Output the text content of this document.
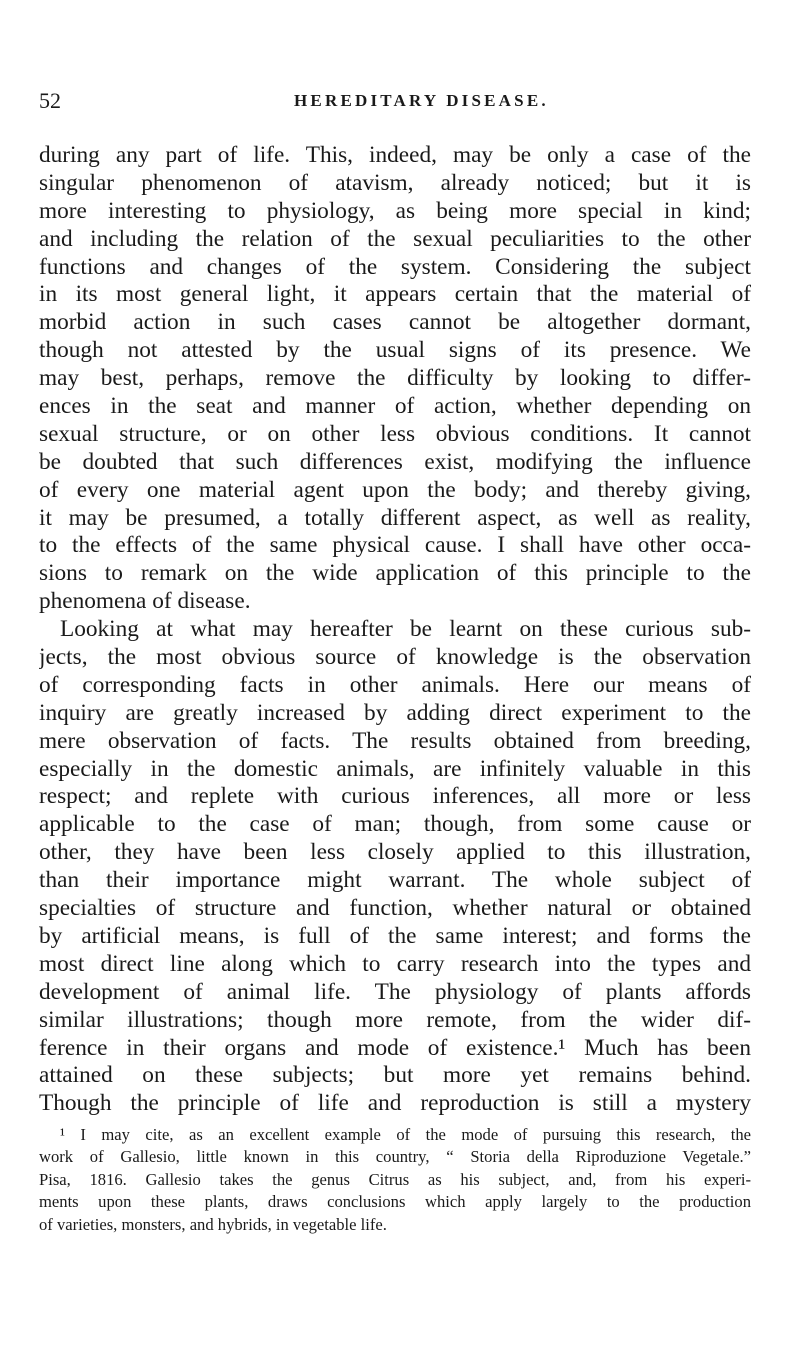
52	HEREDITARY DISEASE.
during any part of life. This, indeed, may be only a case of the
singular phenomenon of atavism, already noticed; but it is
more interesting to physiology, as being more special in kind;
and including the relation of the sexual peculiarities to the other
functions and changes of the system. Considering the subject
in its most general light, it appears certain that the material of
morbid action in such cases cannot be altogether dormant,
though not attested by the usual signs of its presence. We
may best, perhaps, remove the difficulty by looking to differ-
ences in the seat and manner of action, whether depending on
sexual structure, or on other less obvious conditions. It cannot
be doubted that such differences exist, modifying the influence
of every one material agent upon the body; and thereby giving,
it may be presumed, a totally different aspect, as well as reality,
to the effects of the same physical cause. I shall have other occa-
sions to remark on the wide application of this principle to the
phenomena of disease.
Looking at what may hereafter be learnt on these curious sub-
jects, the most obvious source of knowledge is the observation
of corresponding facts in other animals. Here our means of
inquiry are greatly increased by adding direct experiment to the
mere observation of facts. The results obtained from breeding,
especially in the domestic animals, are infinitely valuable in this
respect; and replete with curious inferences, all more or less
applicable to the case of man; though, from some cause or
other, they have been less closely applied to this illustration,
than their importance might warrant. The whole subject of
specialties of structure and function, whether natural or obtained
by artificial means, is full of the same interest; and forms the
most direct line along which to carry research into the types and
development of animal life. The physiology of plants affords
similar illustrations; though more remote, from the wider dif-
ference in their organs and mode of existence.¹ Much has been
attained on these subjects; but more yet remains behind.
Though the principle of life and reproduction is still a mystery
¹ I may cite, as an excellent example of the mode of pursuing this research, the
work of Gallesio, little known in this country, “ Storia della Riproduzione Vegetale.”
Pisa, 1816. Gallesio takes the genus Citrus as his subject, and, from his experi-
ments upon these plants, draws conclusions which apply largely to the production
of varieties, monsters, and hybrids, in vegetable life.
